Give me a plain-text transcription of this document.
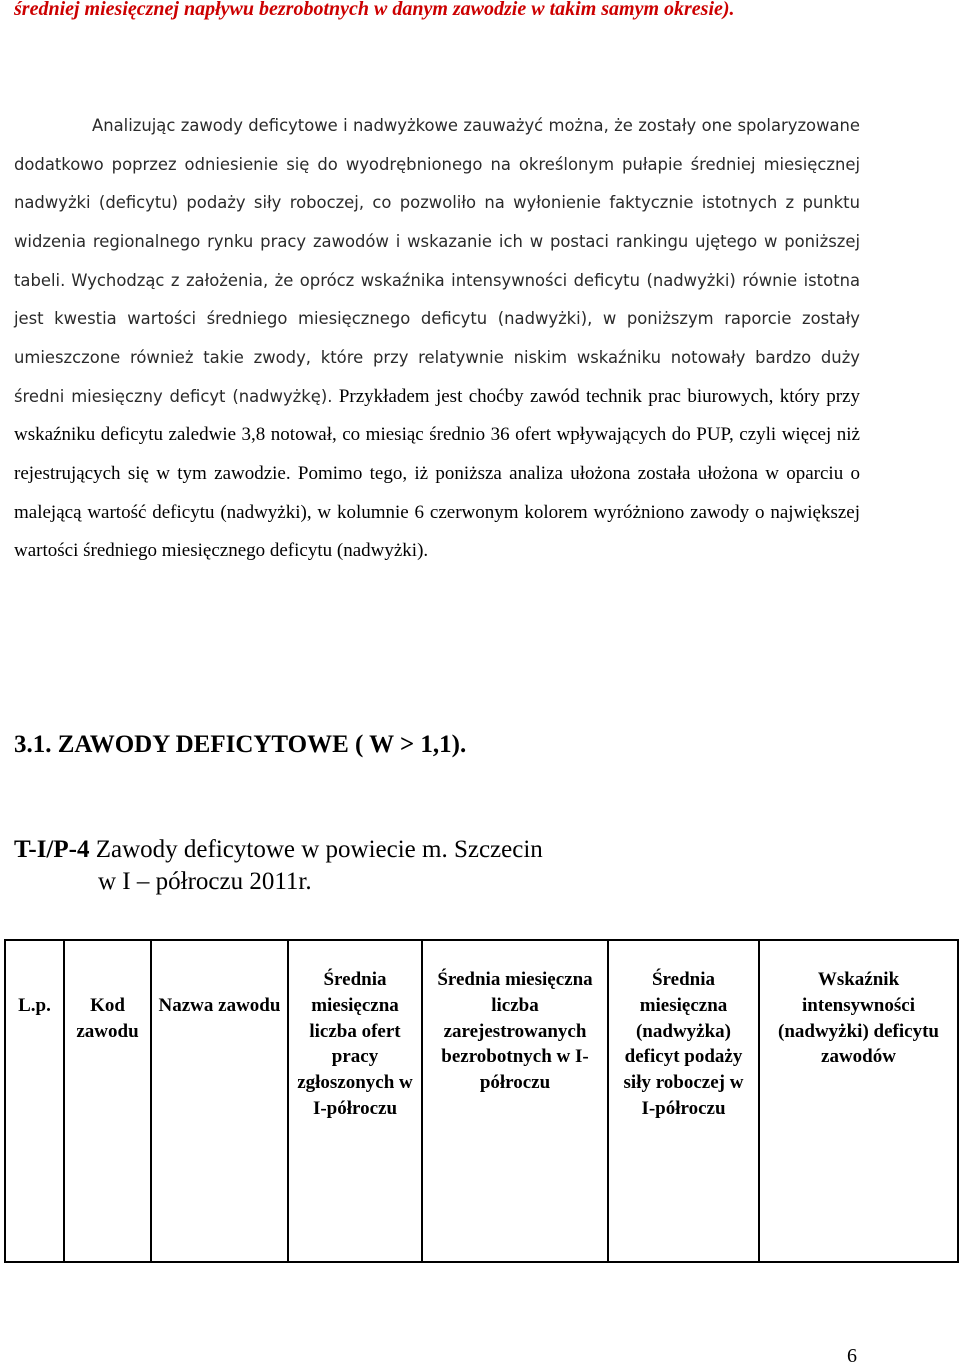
średniej miesięcznej napływu bezrobotnych w danym zawodzie w takim samym okresie).

Analizując zawody deficytowe i nadwyżkowe zauważyć można, że zostały one spolaryzowane dodatkowo poprzez odniesienie się do wyodrębnionego na określonym pułapie średniej miesięcznej nadwyżki (deficytu) podaży siły roboczej, co pozwoliło na wyłonienie faktycznie istotnych z punktu widzenia regionalnego rynku pracy zawodów i wskazanie ich w postaci rankingu ujętego w poniższej tabeli. Wychodząc z założenia, że oprócz wskaźnika intensywności deficytu (nadwyżki) równie istotna jest kwestia wartości średniego miesięcznego deficytu (nadwyżki), w poniższym raporcie zostały umieszczone również takie zwody, które przy relatywnie niskim wskaźniku notowały bardzo duży średni miesięczny deficyt (nadwyżkę). Przykładem jest choćby zawód technik prac biurowych, który przy wskaźniku deficytu zaledwie 3,8 notował, co miesiąc średnio 36 ofert wpływających do PUP, czyli więcej niż rejestrujących się w tym zawodzie. Pomimo tego, iż poniższa analiza ułożona została ułożona w oparciu o malejącą wartość deficytu (nadwyżki), w kolumnie 6 czerwonym kolorem wyróżniono zawody o największej wartości średniego miesięcznego deficytu (nadwyżki).

3.1. ZAWODY DEFICYTOWE ( W > 1,1).
T-I/P-4 Zawody deficytowe w powiecie m. Szczecin
w I – półroczu 2011r.
L.p.	Kod zawodu	Nazwa zawodu	Średnia miesięczna liczba ofert pracy zgłoszonych w I-półroczu	Średnia miesięczna liczba zarejestrowanych bezrobotnych w I-półroczu	Średnia miesięczna (nadwyżka) deficyt podaży siły roboczej w I-półroczu	Wskaźnik intensywności (nadwyżki) deficytu zawodów

6
